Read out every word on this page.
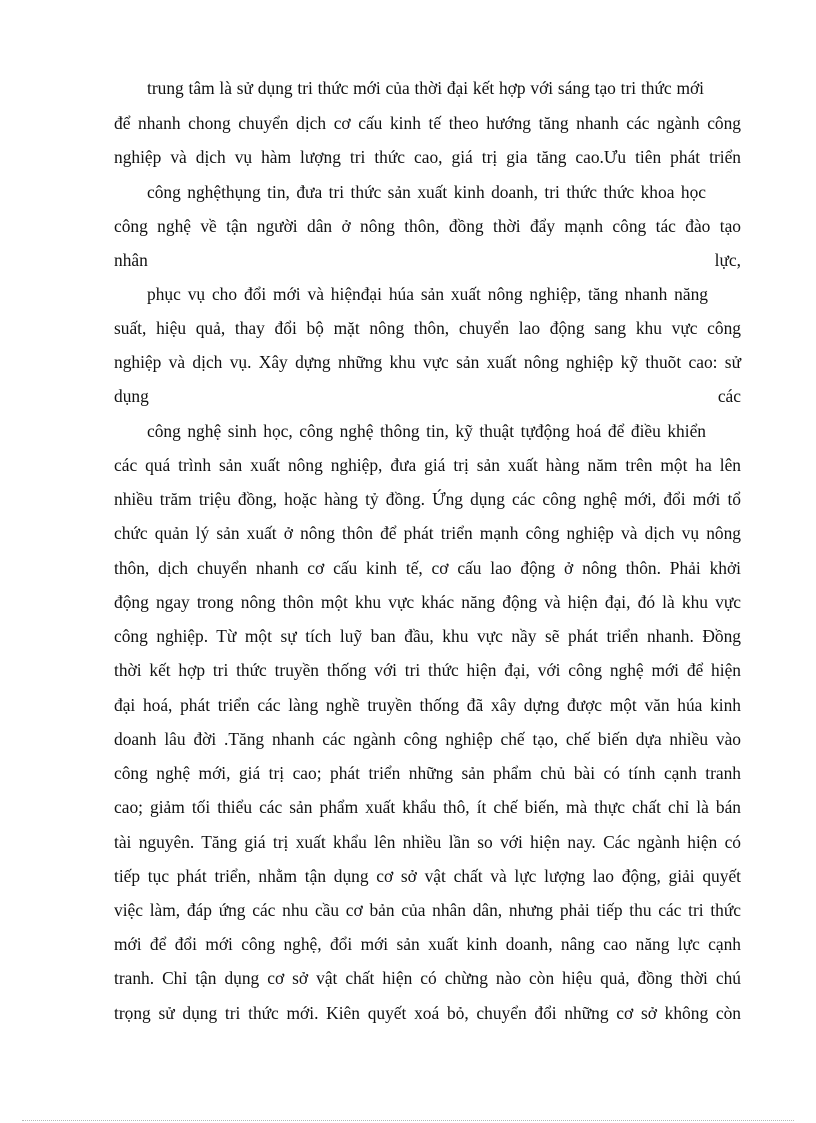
trung tâm là sử dụng tri thức mới của thời đại kết hợp với sáng tạo tri thức mới
để nhanh chong chuyển dịch cơ cấu kinh tế theo hướng tăng nhanh các ngành công
nghiệp và dịch vụ hàm lượng tri thức cao, giá trị gia tăng cao.Ưu tiên phát triển
công nghệthụng tin, đưa tri thức sản xuất kinh doanh, tri thức thức khoa học
công nghệ về tận người dân ở nông thôn, đồng thời đẩy mạnh công tác đào tạo
nhân lực,
phục vụ cho đổi mới và hiệnđại húa sản xuất nông nghiệp, tăng nhanh năng
suất, hiệu quả, thay đổi bộ mặt nông thôn, chuyển lao động sang khu vực công
nghiệp và dịch vụ. Xây dựng những khu vực sản xuất nông nghiệp kỹ thuõt cao: sử
dụng các
công nghệ sinh học, công nghệ thông tin, kỹ thuật tựđộng hoá để điều khiển
các quá trình sản xuất nông nghiệp, đưa giá trị sản xuất hàng năm trên một ha lên
nhiều trăm triệu đồng, hoặc hàng tỷ đồng. Ứng dụng các công nghệ mới, đổi mới tổ
chức quản lý sản xuất ở nông thôn để phát triển mạnh công nghiệp và dịch vụ nông
thôn, dịch chuyển nhanh cơ cấu kinh tế, cơ cấu lao động ở nông thôn. Phải khởi
động ngay trong nông thôn một khu vực khác năng động và hiện đại, đó là khu vực
công nghiệp. Từ một sự tích luỹ ban đầu, khu vực nầy sẽ phát triển nhanh. Đồng
thời kết hợp tri thức truyền thống với tri thức hiện đại, với công nghệ mới để hiện
đại hoá, phát triển các làng nghề truyền thống đã xây dựng được một văn húa kinh
doanh lâu đời .Tăng nhanh các ngành công nghiệp chế tạo, chế biến dựa nhiều vào
công nghệ mới, giá trị cao; phát triển những sản phẩm chủ bài có tính cạnh tranh
cao; giảm tối thiểu các sản phẩm xuất khẩu thô, ít chế biến, mà thực chất chỉ là bán
tài nguyên. Tăng giá trị xuất khẩu lên nhiều lần so với hiện nay. Các ngành hiện có
tiếp tục phát triển, nhằm tận dụng cơ sở vật chất và lực lượng lao động, giải quyết
việc làm, đáp ứng các nhu cầu cơ bản của nhân dân, nhưng phải tiếp thu các tri thức
mới để đổi mới công nghệ, đổi mới sản xuất kinh doanh, nâng cao năng lực cạnh
tranh. Chỉ tận dụng cơ sở vật chất hiện có chừng nào còn hiệu quả, đồng thời chú
trọng sử dụng tri thức mới. Kiên quyết xoá bỏ, chuyển đổi những cơ sở không còn
